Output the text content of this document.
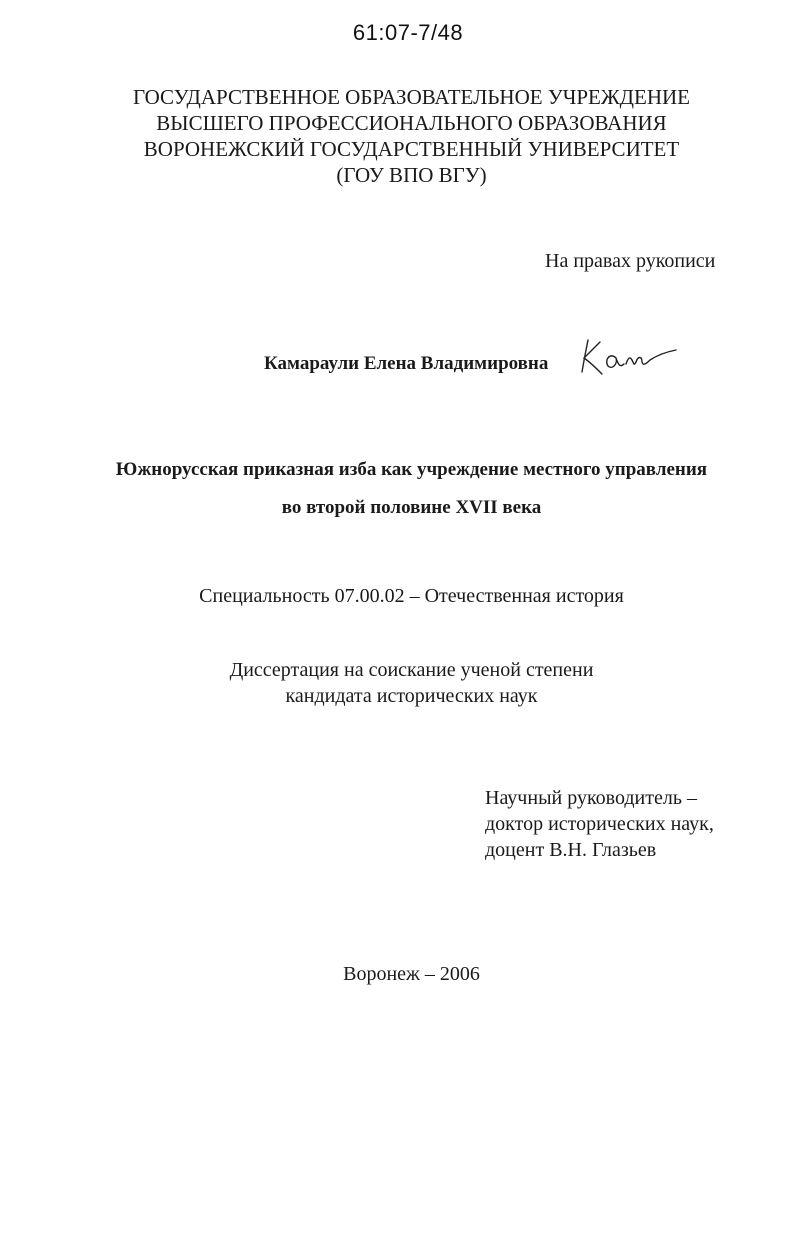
61:07-7/48
ГОСУДАРСТВЕННОЕ ОБРАЗОВАТЕЛЬНОЕ УЧРЕЖДЕНИЕ
ВЫСШЕГО ПРОФЕССИОНАЛЬНОГО ОБРАЗОВАНИЯ
ВОРОНЕЖСКИЙ ГОСУДАРСТВЕННЫЙ УНИВЕРСИТЕТ
(ГОУ ВПО ВГУ)
На правах рукописи
Камараули Елена Владимировна
Южнорусская приказная изба как учреждение местного управления
во второй половине XVII века
Специальность 07.00.02 – Отечественная история
Диссертация на соискание ученой степени
кандидата исторических наук
Научный руководитель –
доктор исторических наук,
доцент В.Н. Глазьев
Воронеж – 2006
